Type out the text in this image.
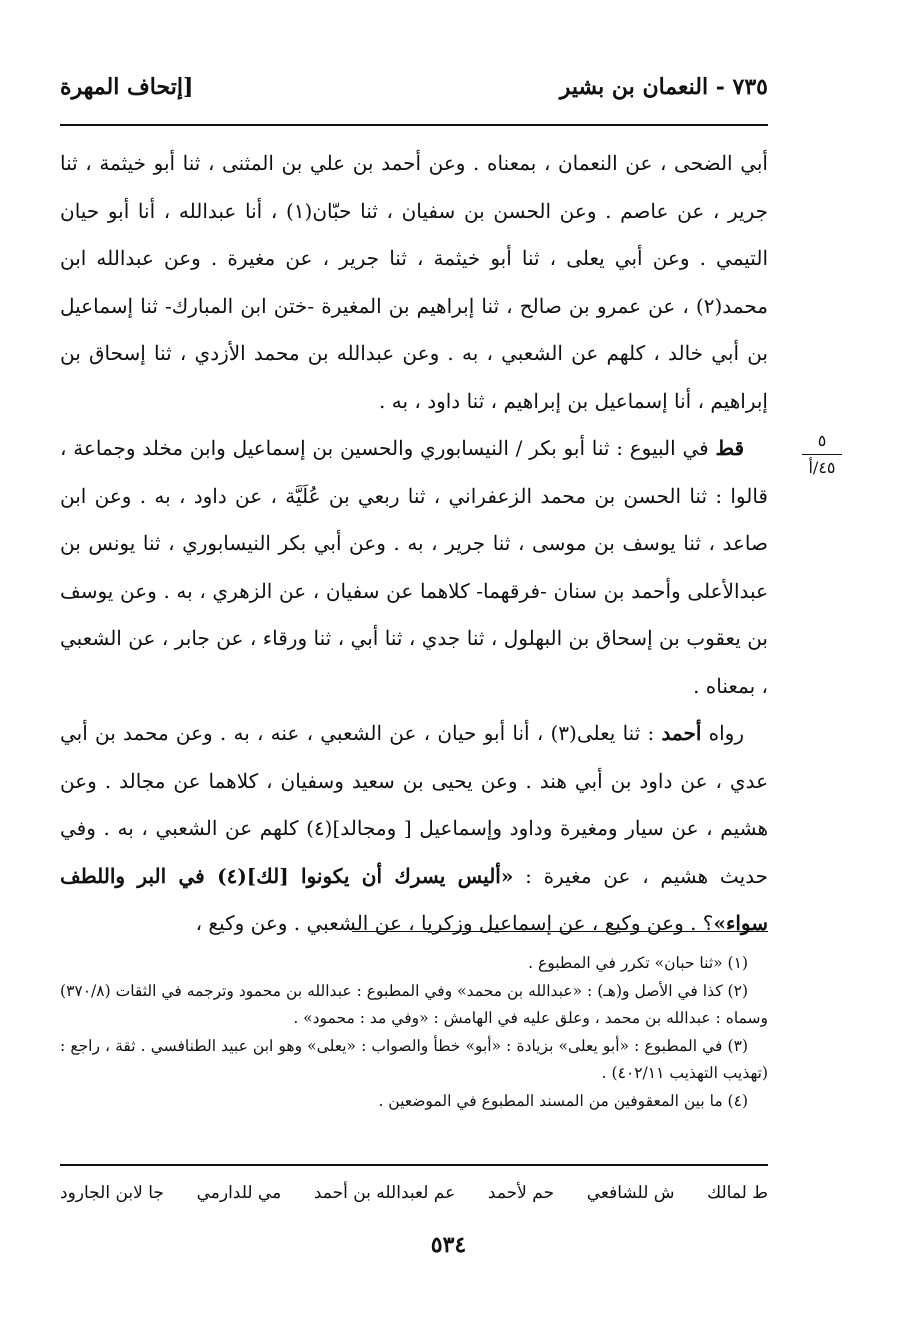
٧٣٥ - النعمان بن بشير
[إتحاف المهرة
٥
٤٥/أ

أبي الضحى ، عن النعمان ، بمعناه . وعن أحمد بن علي بن المثنى ، ثنا أبو خيثمة ، ثنا جرير ، عن عاصم . وعن الحسن بن سفيان ، ثنا حبّان(١) ، أنا عبدالله ، أنا أبو حيان التيمي . وعن أبي يعلى ، ثنا أبو خيثمة ، ثنا جرير ، عن مغيرة . وعن عبدالله ابن محمد(٢) ، عن عمرو بن صالح ، ثنا إبراهيم بن المغيرة -ختن ابن المبارك- ثنا إسماعيل بن أبي خالد ، كلهم عن الشعبي ، به . وعن عبدالله بن محمد الأزدي ، ثنا إسحاق بن إبراهيم ، أنا إسماعيل بن إبراهيم ، ثنا داود ، به .

قط في البيوع : ثنا أبو بكر / النيسابوري والحسين بن إسماعيل وابن مخلد وجماعة ، قالوا : ثنا الحسن بن محمد الزعفراني ، ثنا ربعي بن عُلَيَّة ، عن داود ، به . وعن ابن صاعد ، ثنا يوسف بن موسى ، ثنا جرير ، به . وعن أبي بكر النيسابوري ، ثنا يونس بن عبدالأعلى وأحمد بن سنان -فرقهما- كلاهما عن سفيان ، عن الزهري ، به . وعن يوسف بن يعقوب بن إسحاق بن البهلول ، ثنا جدي ، ثنا أبي ، ثنا ورقاء ، عن جابر ، عن الشعبي ، بمعناه .

رواه أحمد : ثنا يعلى(٣) ، أنا أبو حيان ، عن الشعبي ، عنه ، به . وعن محمد بن أبي عدي ، عن داود بن أبي هند . وعن يحيى بن سعيد وسفيان ، كلاهما عن مجالد . وعن هشيم ، عن سيار ومغيرة وداود وإسماعيل [ ومجالد](٤) كلهم عن الشعبي ، به . وفي حديث هشيم ، عن مغيرة : «أليس يسرك أن يكونوا [لك](٤) في البر واللطف سواء»؟ . وعن وكيع ، عن إسماعيل وزكريا ، عن الشعبي . وعن وكيع ،

(١) «ثنا حبان» تكرر في المطبوع .

(٢) كذا في الأصل و(هـ) : «عبدالله بن محمد» وفي المطبوع : عبدالله بن محمود وترجمه في الثقات (٣٧٠/٨) وسماه : عبدالله بن محمد ، وعلق عليه في الهامش : «وفي مد : محمود» .

(٣) في المطبوع : «أبو يعلى» بزيادة : «أبو» خطأ والصواب : «يعلى» وهو ابن عبيد الطنافسي . ثقة ، راجع : (تهذيب التهذيب ٤٠٢/١١) .

(٤) ما بين المعقوفين من المسند المطبوع في الموضعين .

ط لمالك
ش للشافعي
حم لأحمد
عم لعبدالله بن أحمد
مي للدارمي
جا لابن الجارود
٥٣٤
